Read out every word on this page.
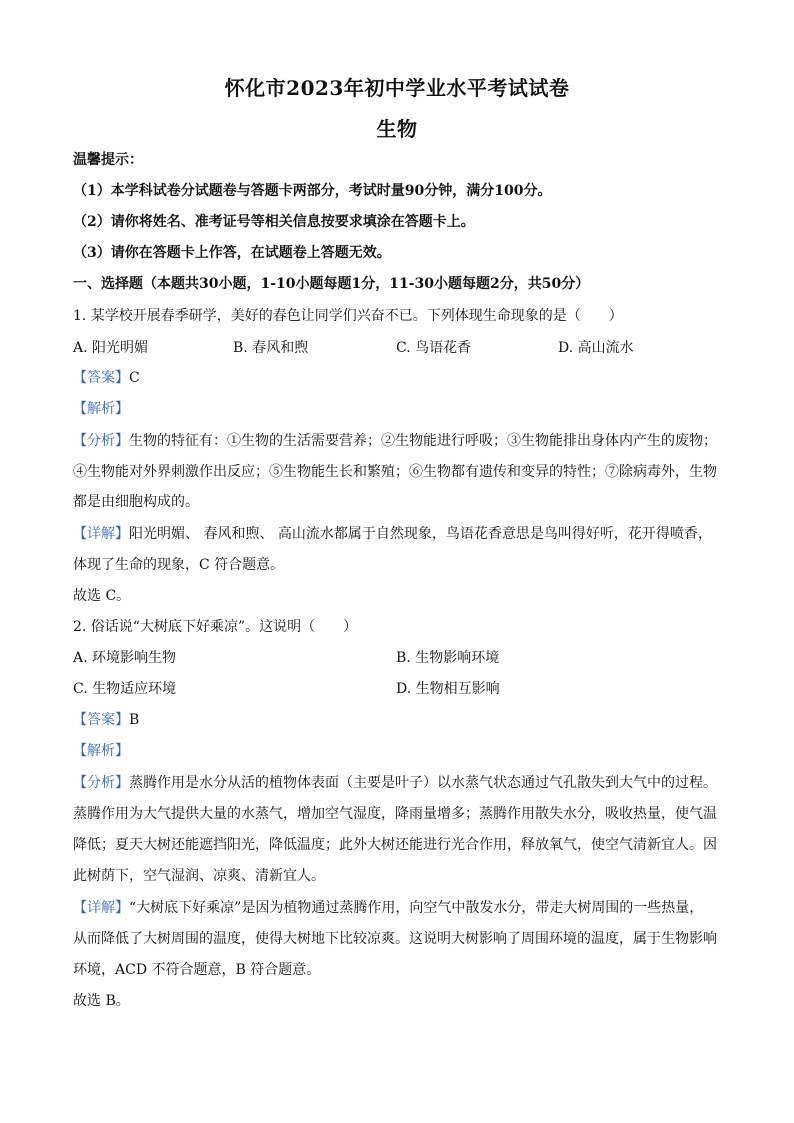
怀化市2023年初中学业水平考试试卷
生物
温馨提示：
（1）本学科试卷分试题卷与答题卡两部分，考试时量90分钟，满分100分。
（2）请你将姓名、准考证号等相关信息按要求填涂在答题卡上。
（3）请你在答题卡上作答，在试题卷上答题无效。
一、选择题（本题共30小题，1-10小题每题1分，11-30小题每题2分，共50分）
1. 某学校开展春季研学，美好的春色让同学们兴奋不已。下列体现生命现象的是（　　）
A. 阳光明媚	B. 春风和煦	C. 鸟语花香	D. 高山流水
【答案】C
【解析】
【分析】生物的特征有：①生物的生活需要营养；②生物能进行呼吸；③生物能排出身体内产生的废物；
④生物能对外界刺激作出反应；⑤生物能生长和繁殖；⑥生物都有遗传和变异的特性；⑦除病毒外，生物
都是由细胞构成的。
【详解】阳光明媚、 春风和煦、 高山流水都属于自然现象，鸟语花香意思是鸟叫得好听，花开得喷香，
体现了生命的现象，C 符合题意。
故选 C。
2. 俗话说“大树底下好乘凉”。这说明（　　）
A. 环境影响生物	B. 生物影响环境
C. 生物适应环境	D. 生物相互影响
【答案】B
【解析】
【分析】蒸腾作用是水分从活的植物体表面（主要是叶子）以水蒸气状态通过气孔散失到大气中的过程。
蒸腾作用为大气提供大量的水蒸气，增加空气湿度，降雨量增多；蒸腾作用散失水分，吸收热量，使气温
降低；夏天大树还能遮挡阳光，降低温度；此外大树还能进行光合作用，释放氧气，使空气清新宜人。因
此树荫下，空气湿润、凉爽、清新宜人。
【详解】“大树底下好乘凉”是因为植物通过蒸腾作用，向空气中散发水分，带走大树周围的一些热量，
从而降低了大树周围的温度，使得大树地下比较凉爽。这说明大树影响了周围环境的温度，属于生物影响
环境，ACD 不符合题意，B 符合题意。
故选 B。
